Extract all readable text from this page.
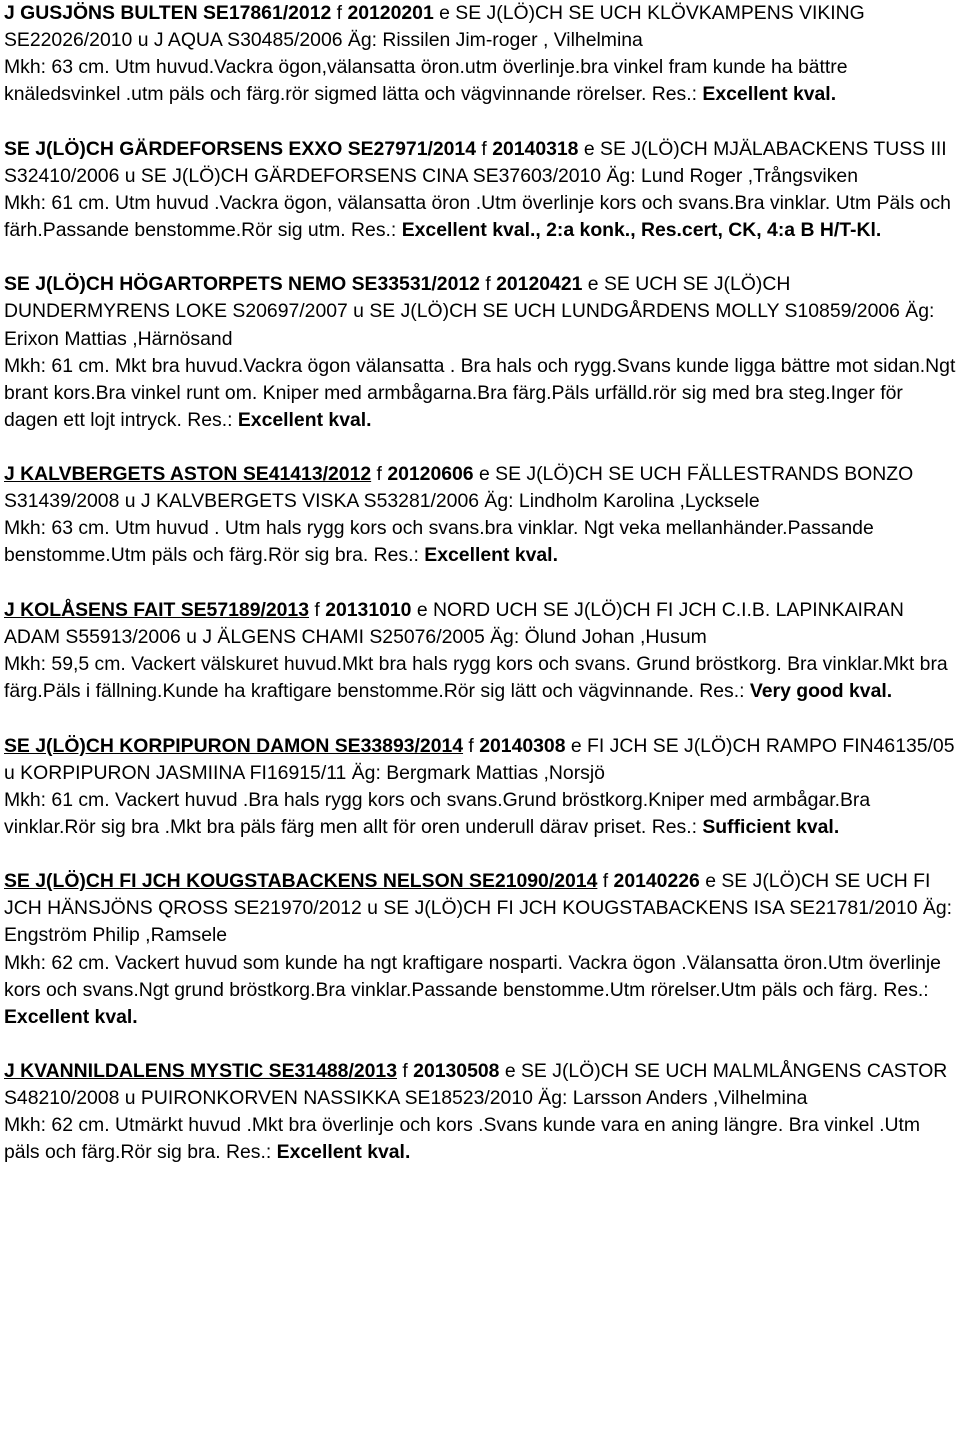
J GUSJÖNS BULTEN SE17861/2012 f 20120201 e SE J(LÖ)CH SE UCH KLÖVKAMPENS VIKING SE22026/2010 u J AQUA S30485/2006 Äg: Rissilen Jim-roger , Vilhelmina

Mkh: 63 cm. Utm huvud.Vackra ögon,välansatta öron.utm överlinje.bra vinkel fram kunde ha bättre knäledsvinkel .utm päls och färg.rör sigmed lätta och vägvinnande rörelser. Res.: Excellent kval.

SE J(LÖ)CH GÄRDEFORSENS EXXO SE27971/2014 f 20140318 e SE J(LÖ)CH MJÄLABACKENS TUSS III S32410/2006 u SE J(LÖ)CH GÄRDEFORSENS CINA SE37603/2010 Äg: Lund Roger ,Trångsviken

Mkh: 61 cm. Utm huvud .Vackra ögon, välansatta öron .Utm överlinje kors och svans.Bra vinklar. Utm Päls och färh.Passande benstomme.Rör sig utm. Res.: Excellent kval., 2:a konk., Res.cert, CK, 4:a B H/T-Kl.

SE J(LÖ)CH HÖGARTORPETS NEMO SE33531/2012 f 20120421 e SE UCH SE J(LÖ)CH DUNDERMYRENS LOKE S20697/2007 u SE J(LÖ)CH SE UCH LUNDGÅRDENS MOLLY S10859/2006 Äg: Erixon Mattias ,Härnösand

Mkh: 61 cm. Mkt bra huvud.Vackra ögon välansatta . Bra hals och rygg.Svans kunde ligga bättre mot sidan.Ngt brant kors.Bra vinkel runt om. Kniper med armbågarna.Bra färg.Päls urfälld.rör sig med bra steg.Inger för dagen ett lojt intryck. Res.: Excellent kval.

J KALVBERGETS ASTON SE41413/2012 f 20120606 e SE J(LÖ)CH SE UCH FÄLLESTRANDS BONZO S31439/2008 u J KALVBERGETS VISKA S53281/2006 Äg: Lindholm Karolina ,Lycksele

Mkh: 63 cm. Utm huvud . Utm hals rygg kors och svans.bra vinklar. Ngt veka mellanhänder.Passande benstomme.Utm päls och färg.Rör sig bra. Res.: Excellent kval.

J KOLÅSENS FAIT SE57189/2013 f 20131010 e NORD UCH SE J(LÖ)CH FI JCH C.I.B. LAPINKAIRAN ADAM S55913/2006 u J ÄLGENS CHAMI S25076/2005 Äg: Ölund Johan ,Husum

Mkh: 59,5 cm. Vackert välskuret huvud.Mkt bra hals rygg kors och svans. Grund bröstkorg. Bra vinklar.Mkt bra färg.Päls i fällning.Kunde ha kraftigare benstomme.Rör sig lätt och vägvinnande. Res.: Very good kval.

SE J(LÖ)CH KORPIPURON DAMON SE33893/2014 f 20140308 e FI JCH SE J(LÖ)CH RAMPO FIN46135/05 u KORPIPURON JASMIINA FI16915/11 Äg: Bergmark Mattias ,Norsjö

Mkh: 61 cm. Vackert huvud .Bra hals rygg kors och svans.Grund bröstkorg.Kniper med armbågar.Bra vinklar.Rör sig bra .Mkt bra päls färg men allt för oren underull därav priset. Res.: Sufficient kval.

SE J(LÖ)CH FI JCH KOUGSTABACKENS NELSON SE21090/2014 f 20140226 e SE J(LÖ)CH SE UCH FI JCH HÄNSJÖNS QROSS SE21970/2012 u SE J(LÖ)CH FI JCH KOUGSTABACKENS ISA SE21781/2010 Äg: Engström Philip ,Ramsele

Mkh: 62 cm. Vackert huvud som kunde ha ngt kraftigare nosparti. Vackra ögon .Välansatta öron.Utm överlinje kors och svans.Ngt grund bröstkorg.Bra vinklar.Passande benstomme.Utm rörelser.Utm päls och färg. Res.: Excellent kval.

J KVANNILDALENS MYSTIC SE31488/2013 f 20130508 e SE J(LÖ)CH SE UCH MALMLÅNGENS CASTOR S48210/2008 u PUIRONKORVEN NASSIKKA SE18523/2010 Äg: Larsson Anders ,Vilhelmina

Mkh: 62 cm. Utmärkt huvud .Mkt bra överlinje och kors .Svans kunde vara en aning längre. Bra vinkel .Utm päls och färg.Rör sig bra. Res.: Excellent kval.
